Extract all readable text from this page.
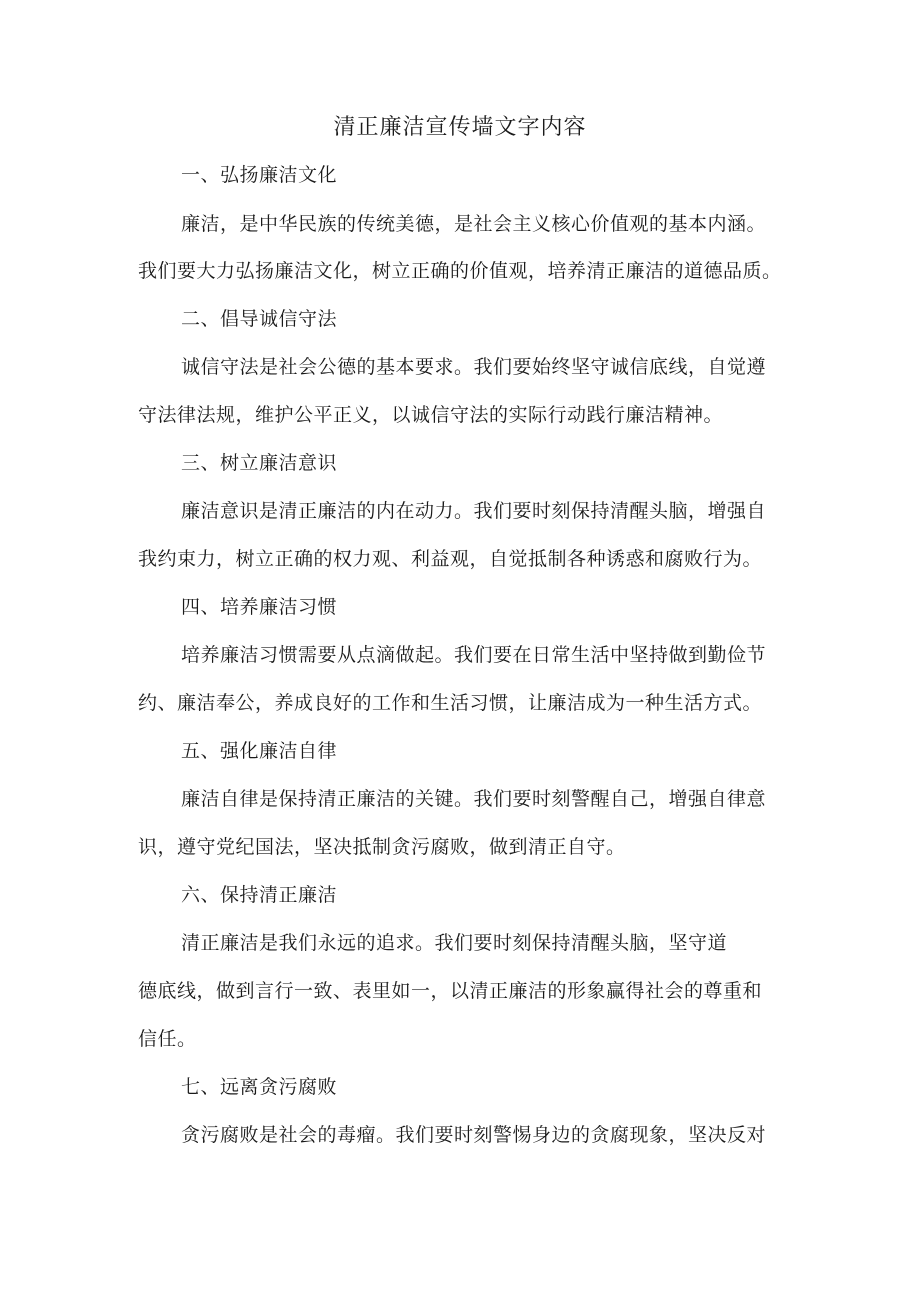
清正廉洁宣传墙文字内容
一、弘扬廉洁文化
廉洁，是中华民族的传统美德，是社会主义核心价值观的基本内涵。
我们要大力弘扬廉洁文化，树立正确的价值观，培养清正廉洁的道德品质。
二、倡导诚信守法
诚信守法是社会公德的基本要求。我们要始终坚守诚信底线，自觉遵
守法律法规，维护公平正义，以诚信守法的实际行动践行廉洁精神。
三、树立廉洁意识
廉洁意识是清正廉洁的内在动力。我们要时刻保持清醒头脑，增强自
我约束力，树立正确的权力观、利益观，自觉抵制各种诱惑和腐败行为。
四、培养廉洁习惯
培养廉洁习惯需要从点滴做起。我们要在日常生活中坚持做到勤俭节
约、廉洁奉公，养成良好的工作和生活习惯，让廉洁成为一种生活方式。
五、强化廉洁自律
廉洁自律是保持清正廉洁的关键。我们要时刻警醒自己，增强自律意
识，遵守党纪国法，坚决抵制贪污腐败，做到清正自守。
六、保持清正廉洁
清正廉洁是我们永远的追求。我们要时刻保持清醒头脑，坚守道
德底线，做到言行一致、表里如一，以清正廉洁的形象赢得社会的尊重和
信任。
七、远离贪污腐败
贪污腐败是社会的毒瘤。我们要时刻警惕身边的贪腐现象，坚决反对
